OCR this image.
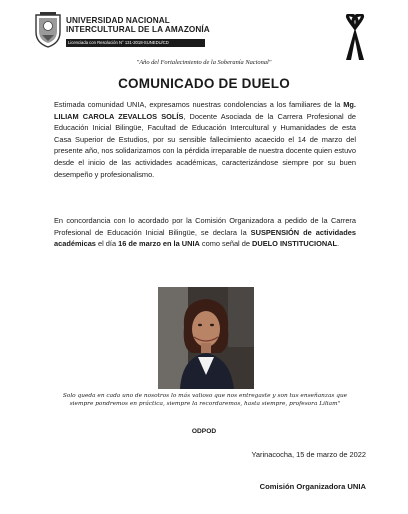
UNIVERSIDAD NACIONAL
INTERCULTURAL DE LA AMAZONÍA
Licenciada con Resolución N° 131-2018-SUNEDU/CD
"Año del Fortalecimiento de la Soberanía Nacional"
COMUNICADO DE DUELO

Estimada comunidad UNIA, expresamos nuestras condolencias a los familiares de la Mg. LILIAM CAROLA ZEVALLOS SOLÍS, Docente Asociada de la Carrera Profesional de Educación Inicial Bilingüe, Facultad de Educación Intercultural y Humanidades de esta Casa Superior de Estudios, por su sensible fallecimiento acaecido el 14 de marzo del presente año, nos solidarizamos con la pérdida irreparable de nuestra docente quien estuvo desde el inicio de las actividades académicas, caracterizándose siempre por su buen desempeño y profesionalismo.

En concordancia con lo acordado por la Comisión Organizadora a pedido de la Carrera Profesional de Educación Inicial Bilingüe, se declara la SUSPENSIÓN de actividades académicas el día 16 de marzo en la UNIA como señal de DUELO INSTITUCIONAL.

Solo queda en cada uno de nosotros lo más valioso que nos entregaste y son tus enseñanzas que siempre pondremos en práctica, siempre la recordaremos, hasta siempre, profesora Liliam"

ODPOD
Yarinacocha, 15 de marzo de 2022
Comisión Organizadora UNIA
